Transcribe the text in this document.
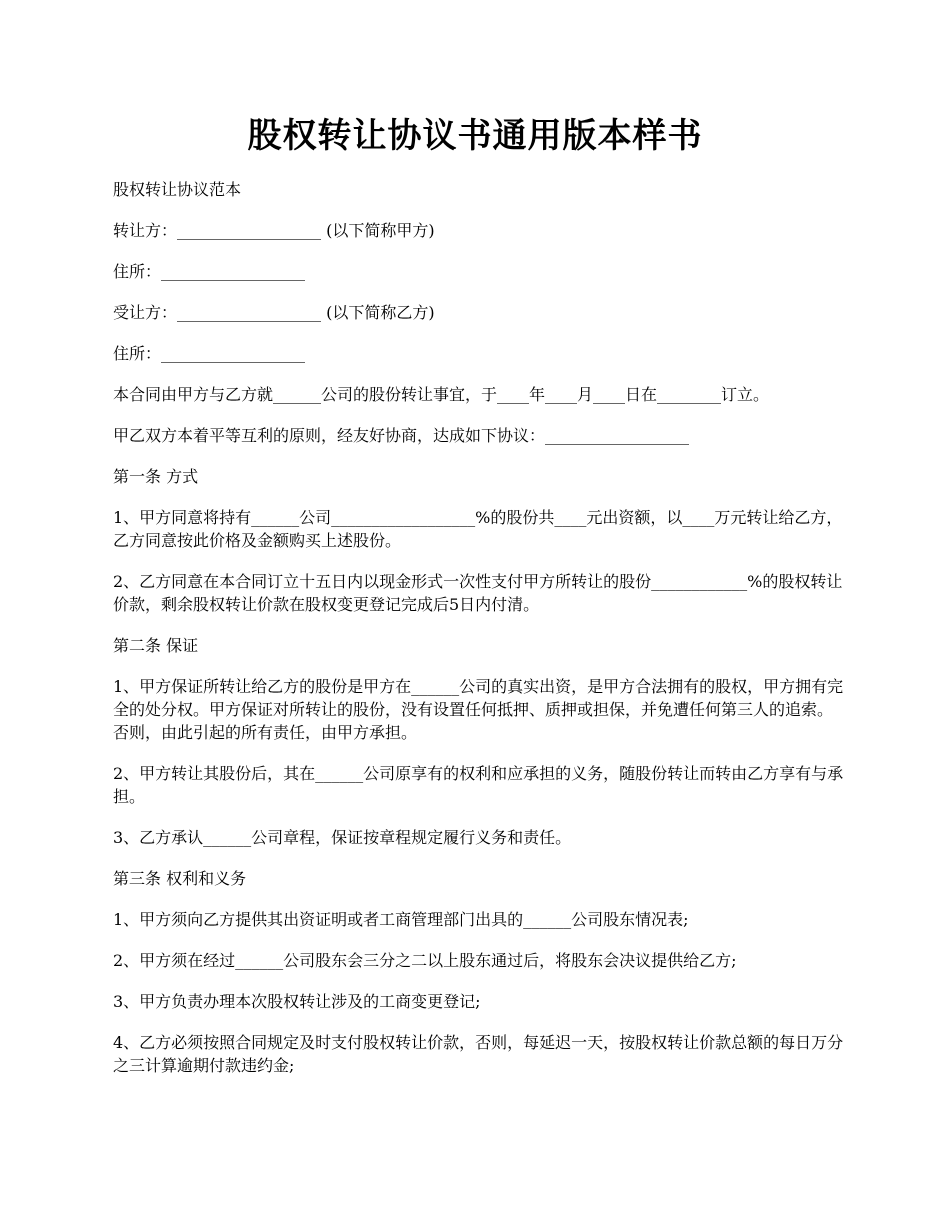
股权转让协议书通用版本样书

股权转让协议范本

转让方：__________________ (以下简称甲方)

住所：__________________

受让方：__________________ (以下简称乙方)

住所：__________________

本合同由甲方与乙方就______公司的股份转让事宜，于____年____月____日在________订立。

甲乙双方本着平等互利的原则，经友好协商，达成如下协议：__________________

第一条 方式

1、甲方同意将持有______公司__________________%的股份共____元出资额，以____万元转让给乙方，乙方同意按此价格及金额购买上述股份。

2、乙方同意在本合同订立十五日内以现金形式一次性支付甲方所转让的股份____________%的股权转让价款，剩余股权转让价款在股权变更登记完成后5日内付清。

第二条 保证

1、甲方保证所转让给乙方的股份是甲方在______公司的真实出资，是甲方合法拥有的股权，甲方拥有完全的处分权。甲方保证对所转让的股份，没有设置任何抵押、质押或担保，并免遭任何第三人的追索。否则，由此引起的所有责任，由甲方承担。

2、甲方转让其股份后，其在______公司原享有的权利和应承担的义务，随股份转让而转由乙方享有与承担。

3、乙方承认______公司章程，保证按章程规定履行义务和责任。

第三条 权利和义务

1、甲方须向乙方提供其出资证明或者工商管理部门出具的______公司股东情况表;

2、甲方须在经过______公司股东会三分之二以上股东通过后，将股东会决议提供给乙方;

3、甲方负责办理本次股权转让涉及的工商变更登记;

4、乙方必须按照合同规定及时支付股权转让价款，否则，每延迟一天，按股权转让价款总额的每日万分之三计算逾期付款违约金;
